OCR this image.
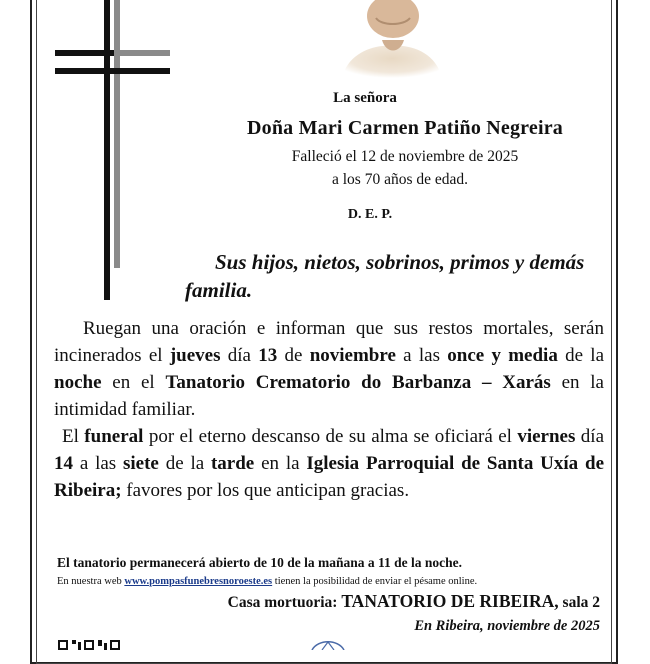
La señora
Doña Mari Carmen Patiño Negreira
Falleció el 12 de noviembre de 2025
a los 70 años de edad.
D. E. P.
Sus hijos, nietos, sobrinos, primos y demás familia.
Ruegan una oración e informan que sus restos mortales, serán incinerados el jueves día 13 de noviembre a las once y media de la noche en el Tanatorio Crematorio do Barbanza – Xarás en la intimidad familiar.
El funeral por el eterno descanso de su alma se oficiará el viernes día 14 a las siete de la tarde en la Iglesia Parroquial de Santa Uxía de Ribeira; favores por los que anticipan gracias.
El tanatorio permanecerá abierto de 10 de la mañana a 11 de la noche.
En nuestra web www.pompasfunebresnoroeste.es tienen la posibilidad de enviar el pésame online.
Casa mortuoria: TANATORIO DE RIBEIRA, sala 2
En Ribeira, noviembre de 2025
